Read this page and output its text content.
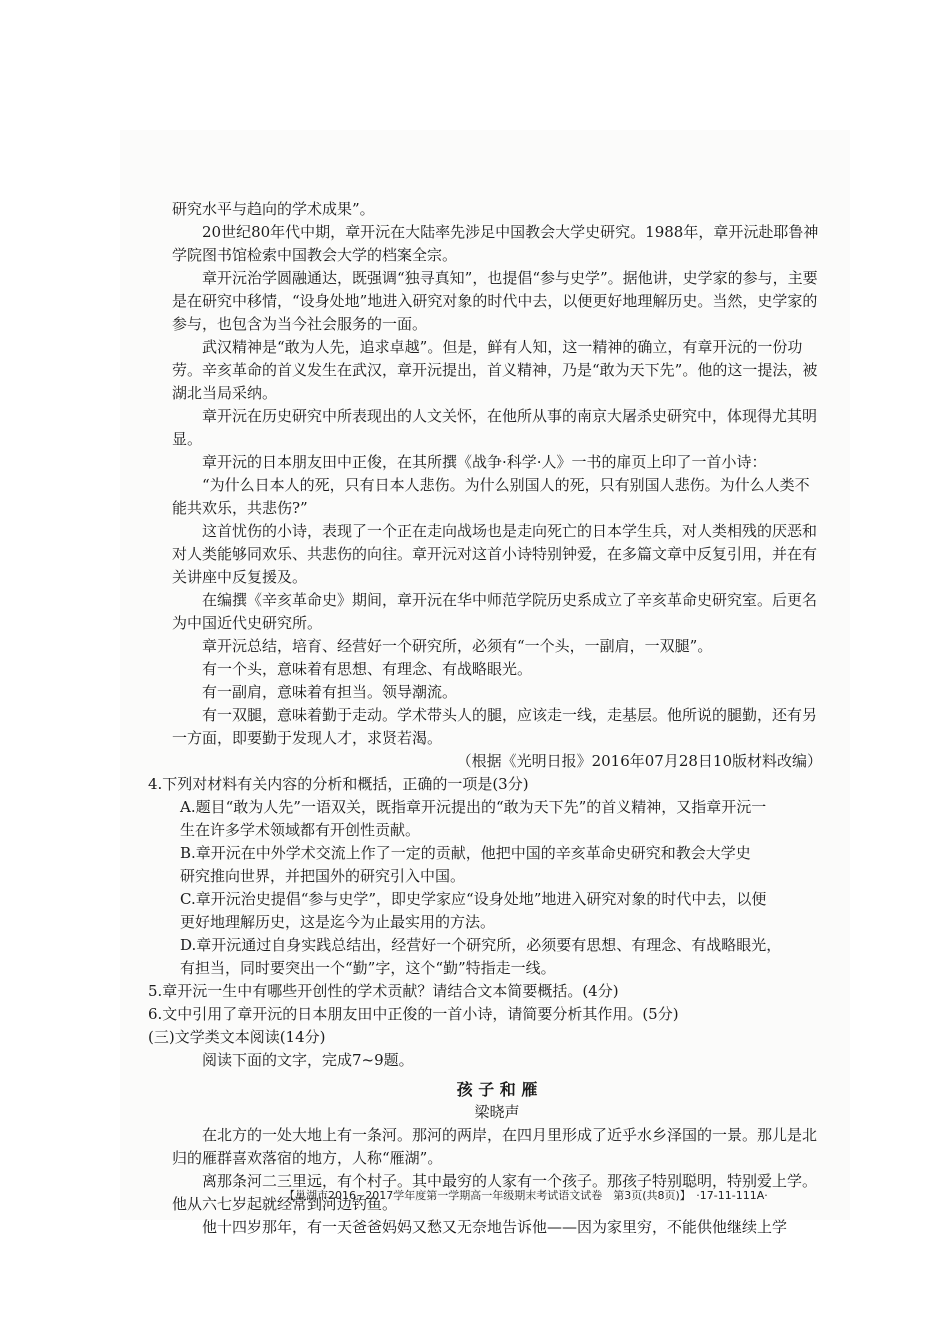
研究水平与趋向的学术成果”。

20世纪80年代中期，章开沅在大陆率先涉足中国教会大学史研究。1988年，章开沅赴耶鲁神学院图书馆检索中国教会大学的档案全宗。

章开沅治学圆融通达，既强调“独寻真知”，也提倡“参与史学”。据他讲，史学家的参与，主要是在研究中移情，“设身处地”地进入研究对象的时代中去，以便更好地理解历史。当然，史学家的参与，也包含为当今社会服务的一面。

武汉精神是“敢为人先，追求卓越”。但是，鲜有人知，这一精神的确立，有章开沅的一份功劳。辛亥革命的首义发生在武汉，章开沅提出，首义精神，乃是“敢为天下先”。他的这一提法，被湖北当局采纳。

章开沅在历史研究中所表现出的人文关怀，在他所从事的南京大屠杀史研究中，体现得尤其明显。

章开沅的日本朋友田中正俊，在其所撰《战争·科学·人》一书的扉页上印了一首小诗：

“为什么日本人的死，只有日本人悲伤。为什么别国人的死，只有别国人悲伤。为什么人类不能共欢乐，共悲伤?”

这首忧伤的小诗，表现了一个正在走向战场也是走向死亡的日本学生兵，对人类相残的厌恶和对人类能够同欢乐、共悲伤的向往。章开沅对这首小诗特别钟爱，在多篇文章中反复引用，并在有关讲座中反复援及。

在编撰《辛亥革命史》期间，章开沅在华中师范学院历史系成立了辛亥革命史研究室。后更名为中国近代史研究所。

章开沅总结，培育、经营好一个研究所，必须有“一个头，一副肩，一双腿”。

有一个头，意味着有思想、有理念、有战略眼光。

有一副肩，意味着有担当。领导潮流。

有一双腿，意味着勤于走动。学术带头人的腿，应该走一线，走基层。他所说的腿勤，还有另一方面，即要勤于发现人才，求贤若渴。

（根据《光明日报》2016年07月28日10版材料改编）

4.下列对材料有关内容的分析和概括，正确的一项是(3分)

A.题目“敢为人先”一语双关，既指章开沅提出的“敢为天下先”的首义精神，又指章开沅一
生在许多学术领域都有开创性贡献。

B.章开沅在中外学术交流上作了一定的贡献，他把中国的辛亥革命史研究和教会大学史
研究推向世界，并把国外的研究引入中国。

C.章开沅治史提倡“参与史学”，即史学家应“设身处地”地进入研究对象的时代中去，以便
更好地理解历史，这是迄今为止最实用的方法。

D.章开沅通过自身实践总结出，经营好一个研究所，必须要有思想、有理念、有战略眼光，
有担当，同时要突出一个“勤”字，这个“勤”特指走一线。

5.章开沅一生中有哪些开创性的学术贡献？请结合文本简要概括。(4分)

6.文中引用了章开沅的日本朋友田中正俊的一首小诗，请简要分析其作用。(5分)

(三)文学类文本阅读(14分)

阅读下面的文字，完成7~9题。

孩 子 和 雁

梁晓声

在北方的一处大地上有一条河。那河的两岸，在四月里形成了近乎水乡泽国的一景。那儿是北归的雁群喜欢落宿的地方，人称“雁湖”。

离那条河二三里远，有个村子。其中最穷的人家有一个孩子。那孩子特别聪明，特别爱上学。他从六七岁起就经常到河边钓鱼。

他十四岁那年，有一天爸爸妈妈又愁又无奈地告诉他——因为家里穷，不能供他继续上学

【巢湖市2016~2017学年度第一学期高一年级期末考试语文试卷　第3页(共8页)】　·17-11-111A·
